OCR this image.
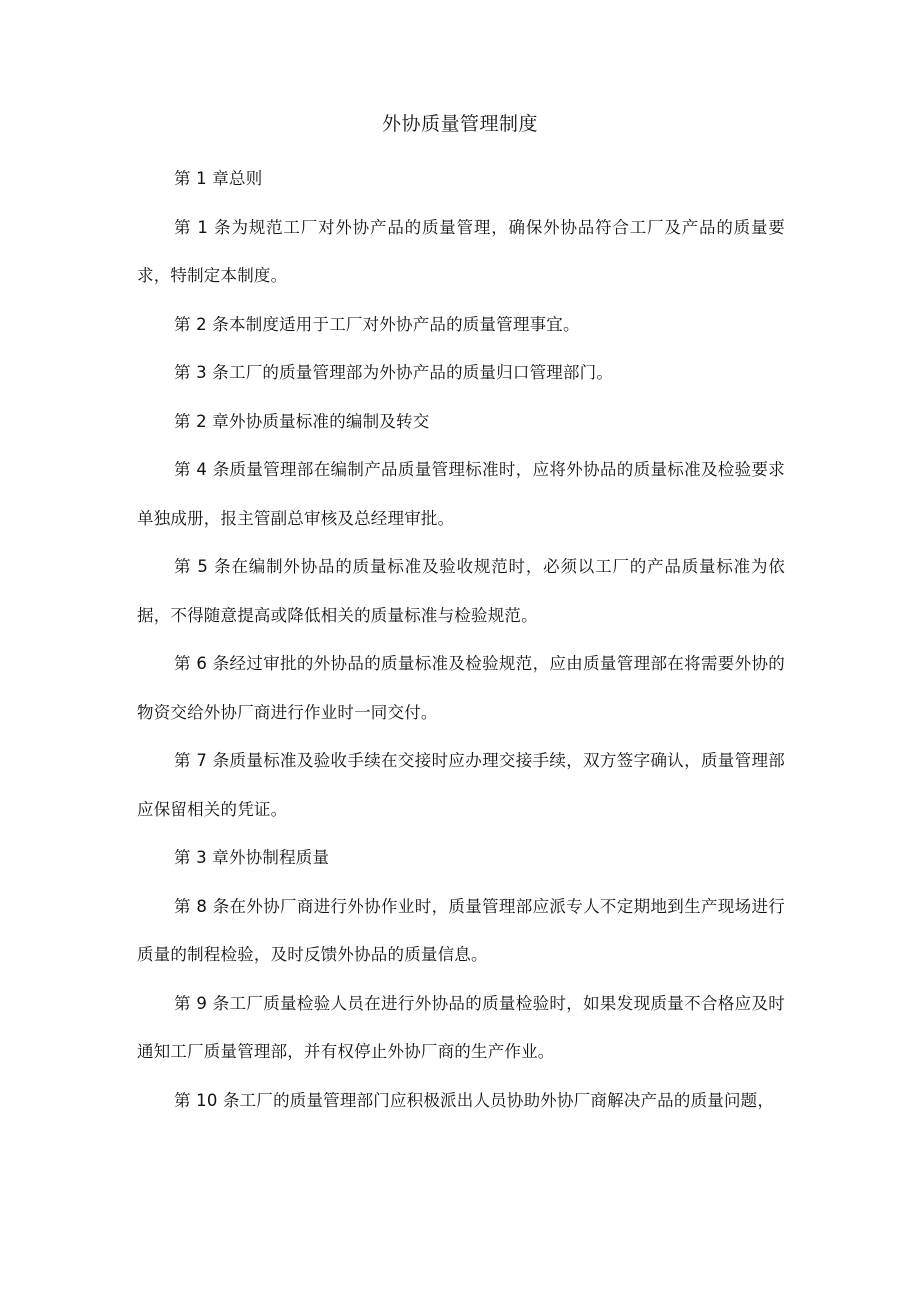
外协质量管理制度

第 1 章总则

第 1 条为规范工厂对外协产品的质量管理，确保外协品符合工厂及产品的质量要求，特制定本制度。

第 2 条本制度适用于工厂对外协产品的质量管理事宜。

第 3 条工厂的质量管理部为外协产品的质量归口管理部门。

第 2 章外协质量标准的编制及转交

第 4 条质量管理部在编制产品质量管理标准时，应将外协品的质量标准及检验要求单独成册，报主管副总审核及总经理审批。

第 5 条在编制外协品的质量标准及验收规范时，必须以工厂的产品质量标准为依据，不得随意提高或降低相关的质量标准与检验规范。

第 6 条经过审批的外协品的质量标准及检验规范，应由质量管理部在将需要外协的物资交给外协厂商进行作业时一同交付。

第 7 条质量标准及验收手续在交接时应办理交接手续，双方签字确认，质量管理部应保留相关的凭证。

第 3 章外协制程质量

第 8 条在外协厂商进行外协作业时，质量管理部应派专人不定期地到生产现场进行质量的制程检验，及时反馈外协品的质量信息。

第 9 条工厂质量检验人员在进行外协品的质量检验时，如果发现质量不合格应及时通知工厂质量管理部，并有权停止外协厂商的生产作业。

第 10 条工厂的质量管理部门应积极派出人员协助外协厂商解决产品的质量问题，
